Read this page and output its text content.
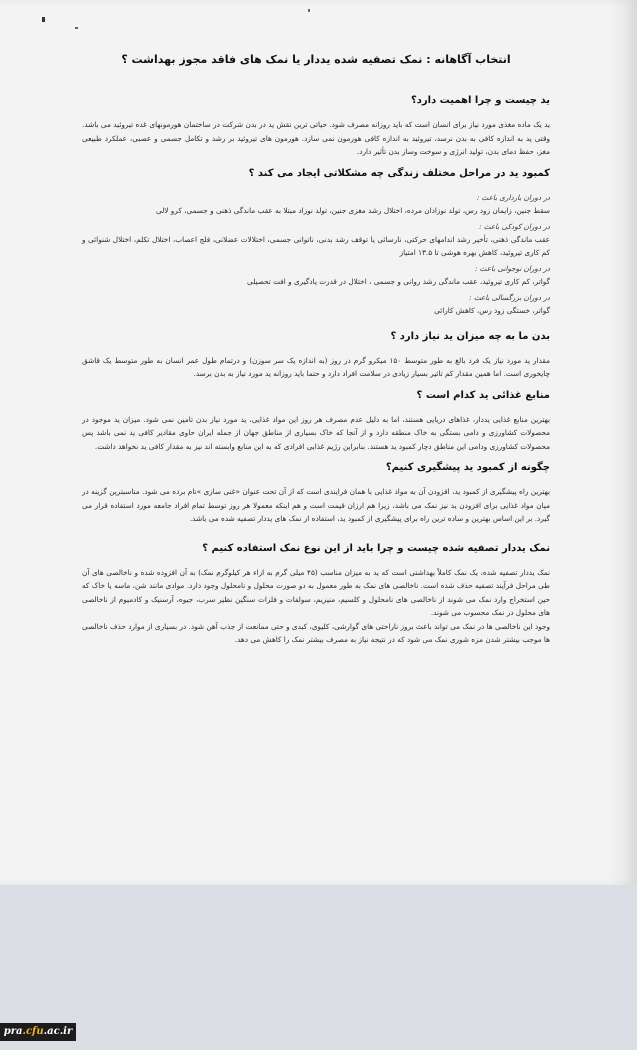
انتخاب آگاهانه : نمک تصفیه شده یددار یا نمک های فاقد مجوز بهداشت ؟
ید چیست و چرا اهمیت دارد؟
ید یک ماده مغذی مورد نیاز برای انسان است که باید روزانه مصرف شود. حیاتی ترین نقش ید در بدن شرکت در ساختمان هورمونهای غده تیروئید می باشد. وقتی ید به اندازه کافی به بدن نرسد، تیروئید به اندازه کافی هورمون نمی سازد. هورمون های تیروئید بر رشد و تکامل جسمی و عصبی، عملکرد طبیعی مغز، حفظ دمای بدن، تولید انرژی و سوخت وساز بدن تأثیر دارد.
کمبود ید در مراحل مختلف زندگی چه مشکلاتی ایجاد می کند ؟
در دوران بارداری باعث :
سقط جنین، زایمان زود رس، تولد نوزادان مرده، اختلال رشد مغزی جنین، تولد نوزاد مبتلا به عقب ماندگی ذهنی و جسمی، کرو لالی
در دوران کودکی باعث :
عقب ماندگی ذهنی، تأخیر رشد اندامهای حرکتی، نارسائی یا توقف رشد بدنی، ناتوانی جسمی، اختلالات عضلانی، فلج اعصاب، اختلال تکلم، اختلال شنوائی و کم کاری تیروئید، کاهش بهره هوشی تا ۱۳.۵ امتیاز
در دوران نوجوانی باعث :
گواتر، کم کاری تیروئید، عقب ماندگی رشد روانی و جسمی ، اختلال در قدرت یادگیری و افت تحصیلی
در دوران بزرگسالی باعث :
گواتر، خستگی زود رس، کاهش کارائی
بدن ما به چه میزان ید نیاز دارد ؟
مقدار ید مورد نیاز یک فرد بالغ به طور متوسط ۱۵۰ میکرو گرم در روز (به اندازه یک سر سوزن) و درتمام طول عمر انسان به طور متوسط یک قاشق چایخوری است. اما همین مقدار کم تاثیر بسیار زیادی در سلامت افراد دارد و حتما باید روزانه ید مورد نیاز به بدن برسد.
منابع غذائی ید کدام است ؟
بهترین منابع غذایی یددار، غذاهای دریایی هستند، اما به دلیل عدم مصرف هر روز این مواد غذایی، ید مورد نیاز بدن تامین نمی شود. میزان ید موجود در محصولات کشاورزی و دامی بستگی به خاک منطقه دارد و از آنجا که خاک بسیاری از مناطق جهان از جمله ایران حاوی مقادیر کافی ید نمی باشد پس محصولات کشاورزی ودامی این مناطق دچار کمبود ید هستند. بنابراین رژیم غذایی افرادی که به این منابع وابسته اند نیز به مقدار کافی ید نخواهد داشت.
چگونه از کمبود ید پیشگیری کنیم؟
بهترین راه پیشگیری از کمبود ید، افزودن آن به مواد غذایی با همان فرایندی است که از آن تحت عنوان «غنی سازی »نام برده می شود. مناسبترین گزینه در میان مواد غذایی برای افزودن ید نیز نمک می باشد، زیرا هم ارزان قیمت است و هم اینکه معمولا هر روز توسط تمام افراد جامعه مورد استفاده قرار می گیرد. بر این اساس بهترین و ساده ترین راه برای پیشگیری از کمبود ید، استفاده از نمک های یددار تصفیه شده می باشد.
نمک یددار تصفیه شده چیست و چرا باید از این نوع نمک استفاده کنیم ؟
نمک یددار تصفیه شده، یک نمک کاملاً بهداشتی است که ید به میزان مناسب (۴۵ میلی گرم به ازاء هر کیلوگرم نمک) به آن افزوده شده و ناخالصی های آن طی مراحل فرآیند تصفیه حذف شده است. ناخالصی های نمک به طور معمول به دو صورت محلول و نامحلول وجود دارد. موادی مانند شن، ماسه یا خاک که حین استخراج وارد نمک می شوند از ناخالصی های نامحلول و کلسیم، منیزیم، سولفات و فلزات سنگین نظیر سرب، جیوه، آرسنیک و کادمیوم از ناخالصی های محلول در نمک محسوب می شوند.
وجود این ناخالصی ها در نمک می تواند باعث بروز ناراحتی های گوارشی، کلیوی، کبدی و حتی ممانعت از جذب آهن شود. در بسیاری از موارد حذف ناخالصی ها موجب بیشتر شدن مزه شوری نمک می شود که در نتیجه نیاز به مصرف بیشتر نمک را کاهش می دهد.
pra.cfu.ac.ir
